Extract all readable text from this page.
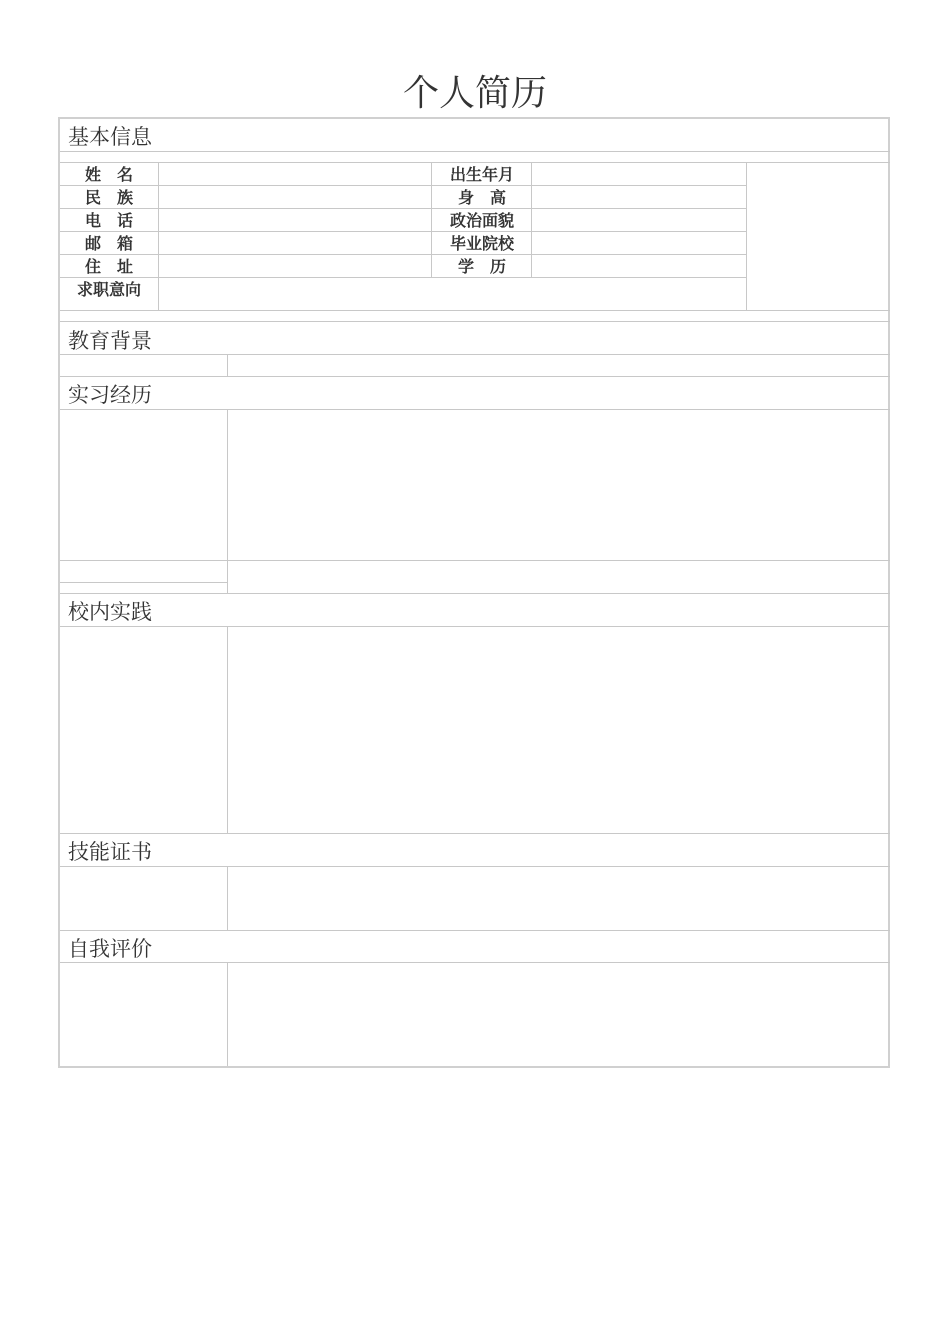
个人简历
基本信息
姓　名
民　族
电　话
邮　箱
住　址
求职意向
出生年月
身　高
政治面貌
毕业院校
学　历
教育背景
实习经历
校内实践
技能证书
自我评价
